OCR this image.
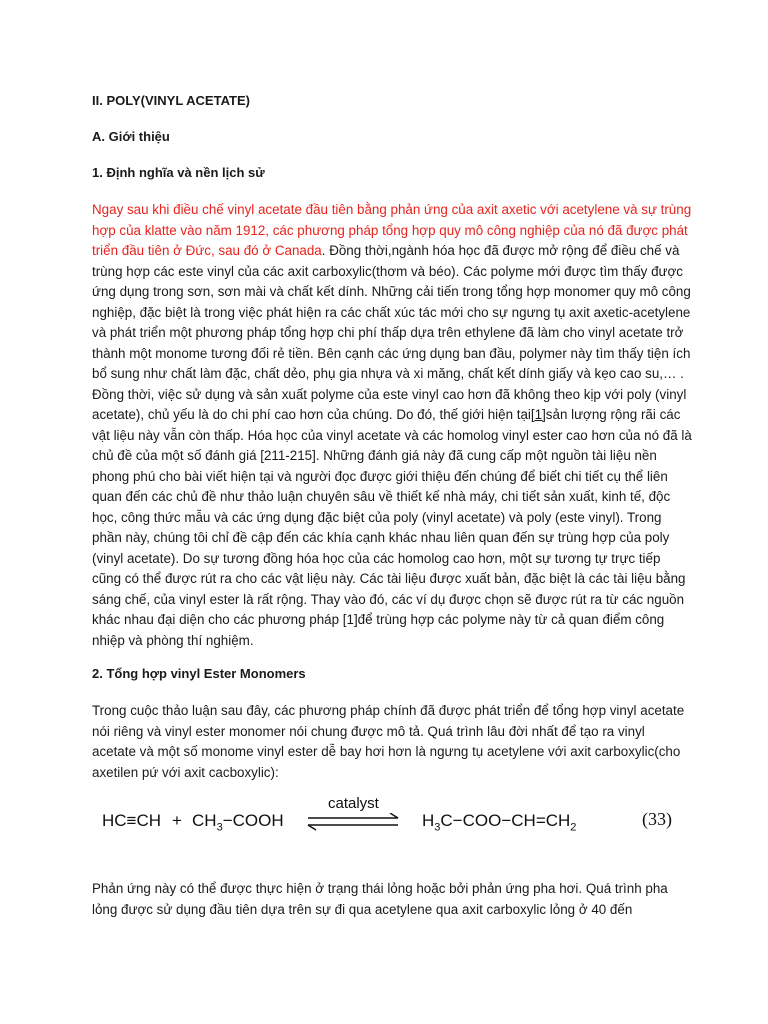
II. POLY(VINYL ACETATE)
A. Giới thiệu
1. Định nghĩa và nền lịch sử

Ngay sau khi điều chế vinyl acetate đầu tiên bằng phản ứng của axit axetic với acetylene và sự trùng hợp của klatte vào năm 1912, các phương pháp tổng hợp quy mô công nghiệp của nó đã được phát triển đầu tiên ở Đức, sau đó ở Canada. Đồng thời,ngành hóa học đã được mở rộng để điều chế và trùng hợp các este vinyl của các axit carboxylic(thơm và béo). Các polyme mới được tìm thấy được ứng dụng trong sơn, sơn mài và chất kết dính. Những cải tiến trong tổng hợp monomer quy mô công nghiệp, đặc biệt là trong việc phát hiện ra các chất xúc tác mới cho sự ngưng tụ axit axetic-acetylene và phát triển một phương pháp tổng hợp chi phí thấp dựa trên ethylene đã làm cho vinyl acetate trở thành một monome tương đối rẻ tiền. Bên cạnh các ứng dụng ban đầu, polymer này tìm thấy tiện ích bổ sung như chất làm đặc, chất dẻo, phụ gia nhựa và xi măng, chất kết dính giấy và kẹo cao su,… . Đồng thời, việc sử dụng và sản xuất polyme của este vinyl cao hơn đã không theo kịp với poly (vinyl acetate), chủ yếu là do chi phí cao hơn của chúng. Do đó, thế giới hiện tại[1]sản lượng rộng rãi các vật liệu này vẫn còn thấp. Hóa học của vinyl acetate và các homolog vinyl ester cao hơn của nó đã là chủ đề của một số đánh giá [211-215]. Những đánh giá này đã cung cấp một nguồn tài liệu nền phong phú cho bài viết hiện tại và người đọc được giới thiệu đến chúng để biết chi tiết cụ thể liên quan đến các chủ đề như thảo luận chuyên sâu về thiết kế nhà máy, chi tiết sản xuất, kinh tế, độc học, công thức mẫu và các ứng dụng đặc biệt của poly (vinyl acetate) và poly (este vinyl). Trong phần này, chúng tôi chỉ đề cập đến các khía cạnh khác nhau liên quan đến sự trùng hợp của poly (vinyl acetate). Do sự tương đồng hóa học của các homolog cao hơn, một sự tương tự trực tiếp cũng có thể được rút ra cho các vật liệu này. Các tài liệu được xuất bản, đặc biệt là các tài liệu bằng sáng chế, của vinyl ester là rất rộng. Thay vào đó, các ví dụ được chọn sẽ được rút ra từ các nguồn khác nhau đại diện cho các phương pháp [1]để trùng hợp các polyme này từ cả quan điểm công nhiệp và phòng thí nghiệm.

2. Tổng hợp vinyl Ester Monomers

Trong cuộc thảo luận sau đây, các phương pháp chính đã được phát triển để tổng hợp vinyl acetate nói riêng và vinyl ester monomer nói chung được mô tả. Quá trình lâu đời nhất để tạo ra vinyl acetate và một số monome vinyl ester dễ bay hơi hơn là ngưng tụ acetylene với axit carboxylic(cho axetilen pứ với axit cacboxylic):

$HC\equiv CH + CH_3-COOH$
catalyst
$H_3C-COO-CH=CH_2$	(33)

Phản ứng này có thể được thực hiện ở trạng thái lỏng hoặc bởi phản ứng pha hơi. Quá trình pha lỏng được sử dụng đầu tiên dựa trên sự đi qua acetylene qua axit carboxylic lỏng ở 40 đến
